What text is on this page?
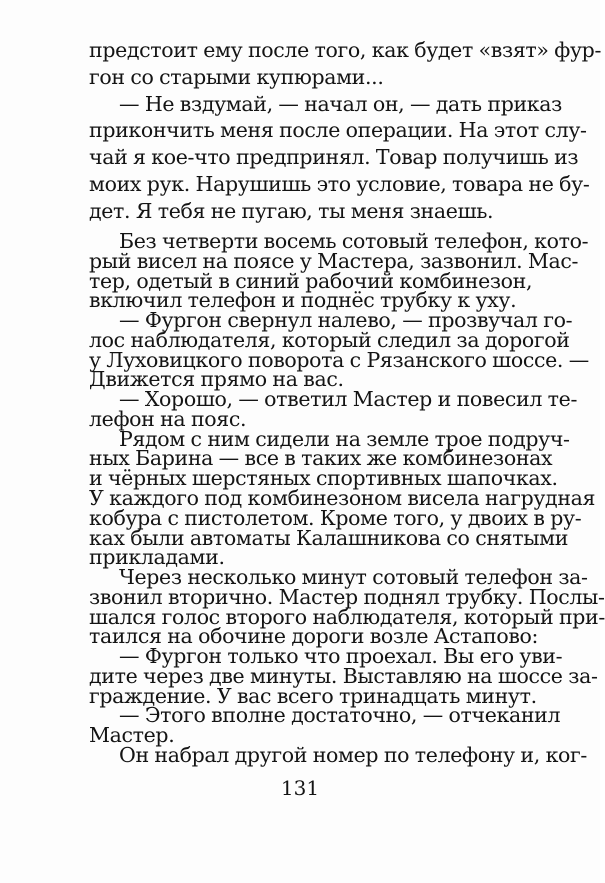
предстоит ему после того, как будет «взят» фур-
гон со старыми купюрами...
— Не вздумай, — начал он, — дать приказ
прикончить меня после операции. На этот слу-
чай я кое-что предпринял. Товар получишь из
моих рук. Нарушишь это условие, товара не бу-
дет. Я тебя не пугаю, ты меня знаешь.
Без четверти восемь сотовый телефон, кото-
рый висел на поясе у Мастера, зазвонил. Мас-
тер, одетый в синий рабочий комбинезон,
включил телефон и поднёс трубку к уху.
— Фургон свернул налево, — прозвучал го-
лос наблюдателя, который следил за дорогой
у Луховицкого поворота с Рязанского шоссе. —
Движется прямо на вас.
— Хорошо, — ответил Мастер и повесил те-
лефон на пояс.
Рядом с ним сидели на земле трое подруч-
ных Барина — все в таких же комбинезонах
и чёрных шерстяных спортивных шапочках.
У каждого под комбинезоном висела нагрудная
кобура с пистолетом. Кроме того, у двоих в ру-
ках были автоматы Калашникова со снятыми
прикладами.
Через несколько минут сотовый телефон за-
звонил вторично. Мастер поднял трубку. Послы-
шался голос второго наблюдателя, который при-
таился на обочине дороги возле Астапово:
— Фургон только что проехал. Вы его уви-
дите через две минуты. Выставляю на шоссе за-
граждение. У вас всего тринадцать минут.
— Этого вполне достаточно, — отчеканил
Мастер.
Он набрал другой номер по телефону и, ког-
131
